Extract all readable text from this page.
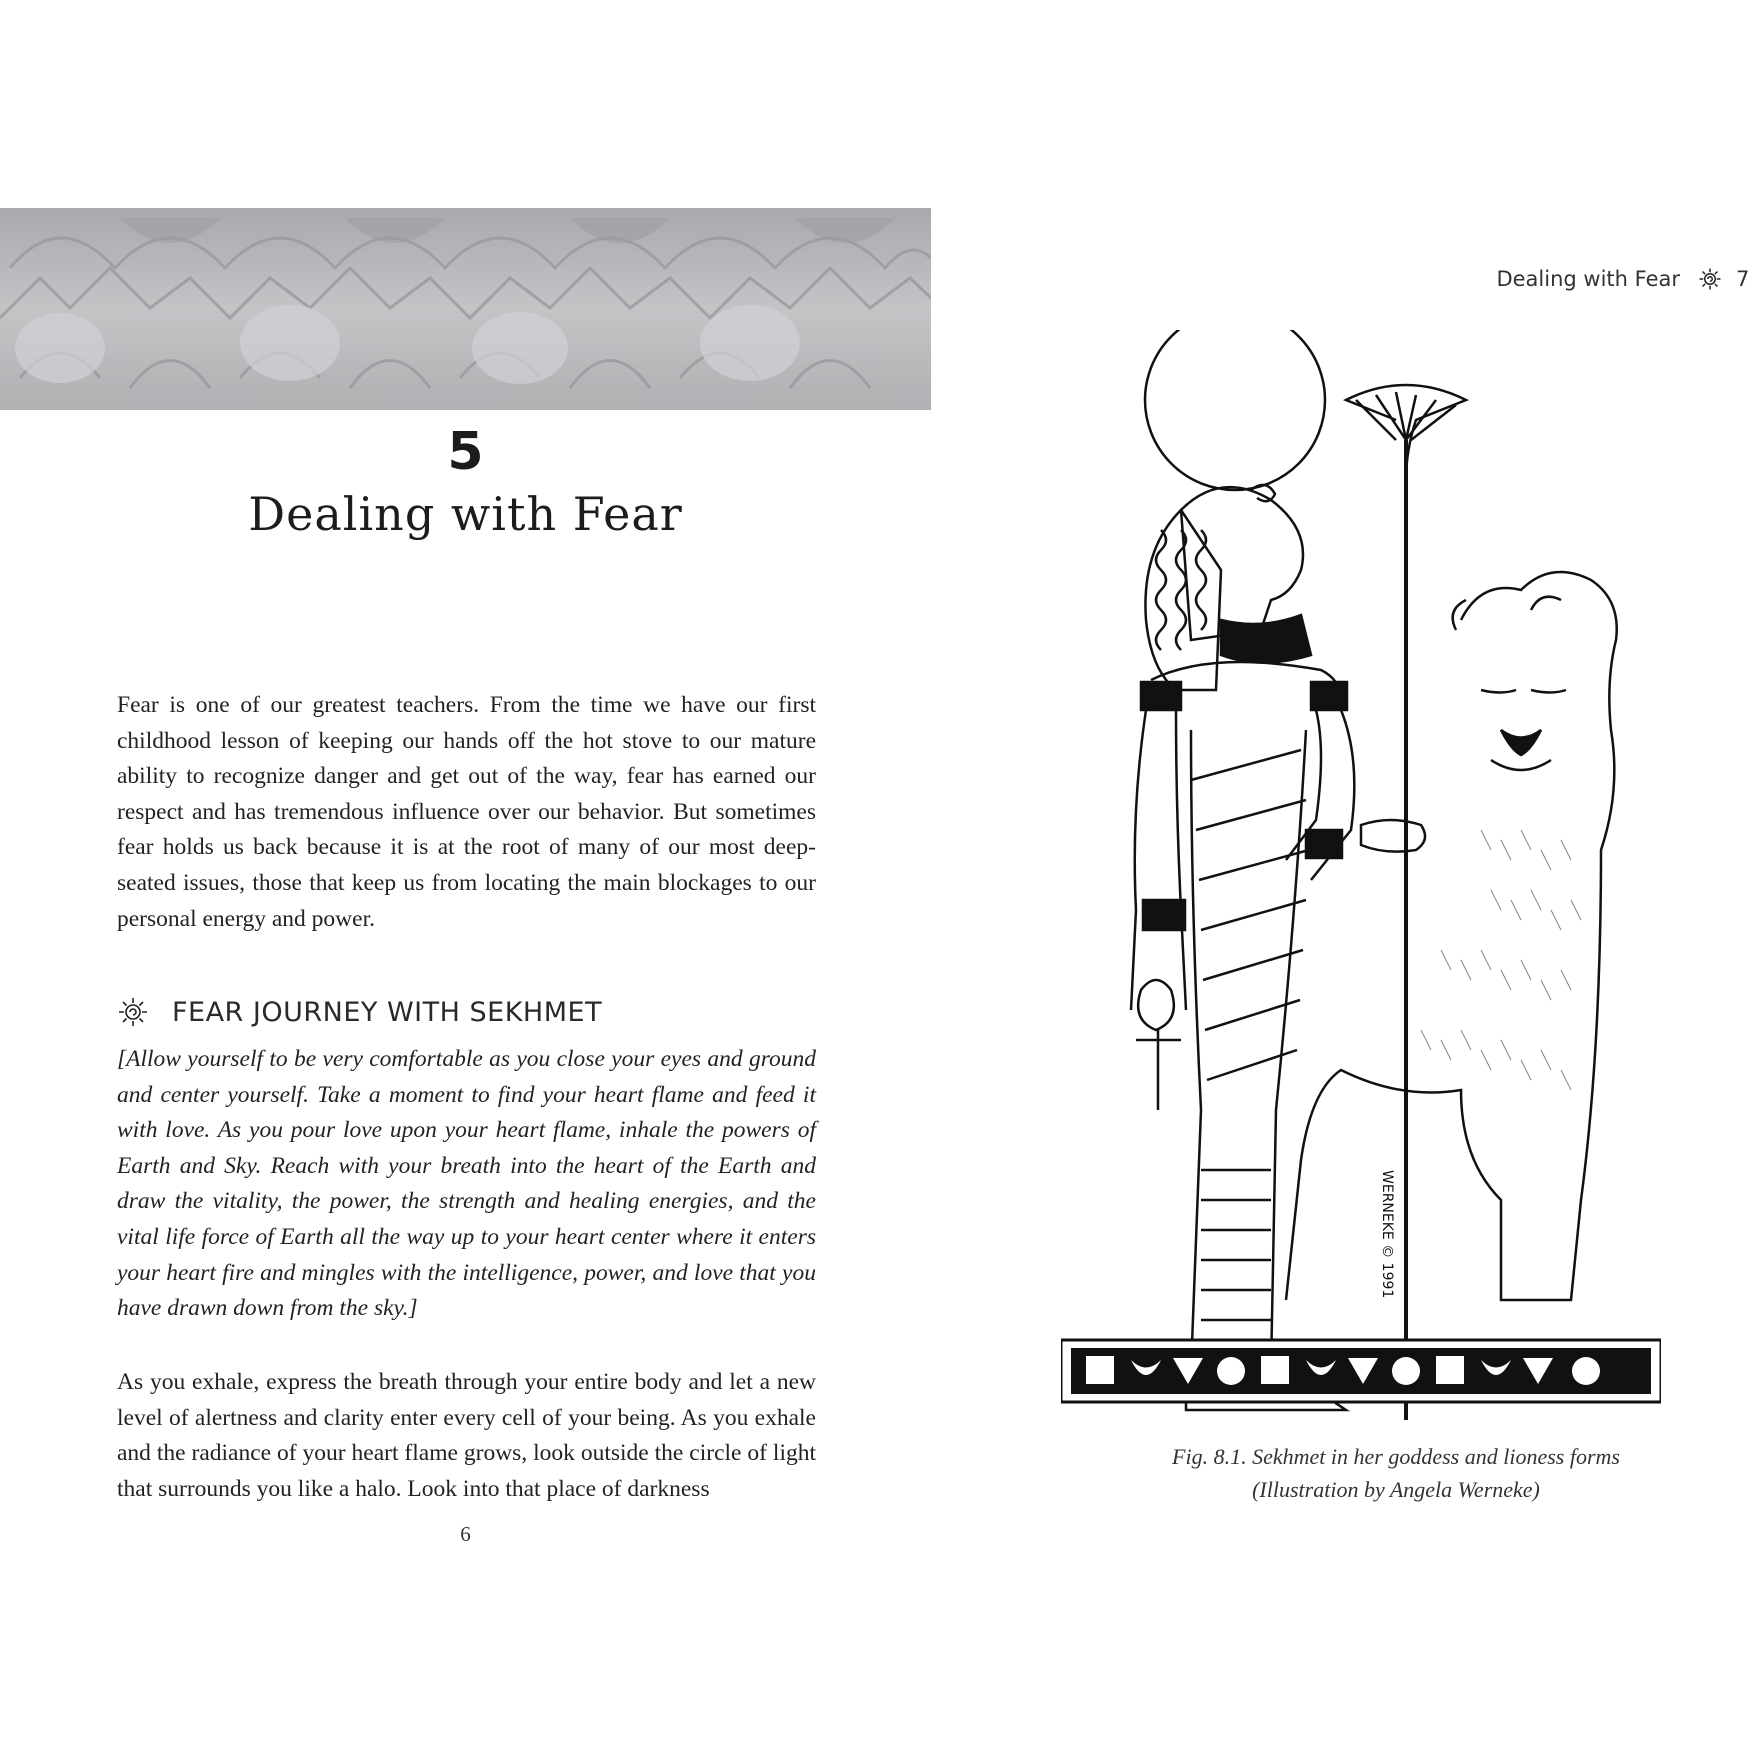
5
Dealing with Fear

Fear is one of our greatest teachers. From the time we have our first childhood lesson of keeping our hands off the hot stove to our mature ability to recognize danger and get out of the way, fear has earned our respect and has tremendous influence over our behavior. But sometimes fear holds us back because it is at the root of many of our most deep-seated issues, those that keep us from locating the main blockages to our personal energy and power.

FEAR JOURNEY WITH SEKHMET

[Allow yourself to be very comfortable as you close your eyes and ground and center yourself. Take a moment to find your heart flame and feed it with love. As you pour love upon your heart flame, inhale the powers of Earth and Sky. Reach with your breath into the heart of the Earth and draw the vitality, the power, the strength and healing energies, and the vital life force of Earth all the way up to your heart center where it enters your heart fire and mingles with the intelligence, power, and love that you have drawn down from the sky.]

As you exhale, express the breath through your entire body and let a new level of alertness and clarity enter every cell of your being. As you exhale and the radiance of your heart flame grows, look outside the circle of light that surrounds you like a halo. Look into that place of darkness

6
Dealing with Fear	7
WERNEKE © 1991
Fig. 8.1. Sekhmet in her goddess and lioness forms
(Illustration by Angela Werneke)
